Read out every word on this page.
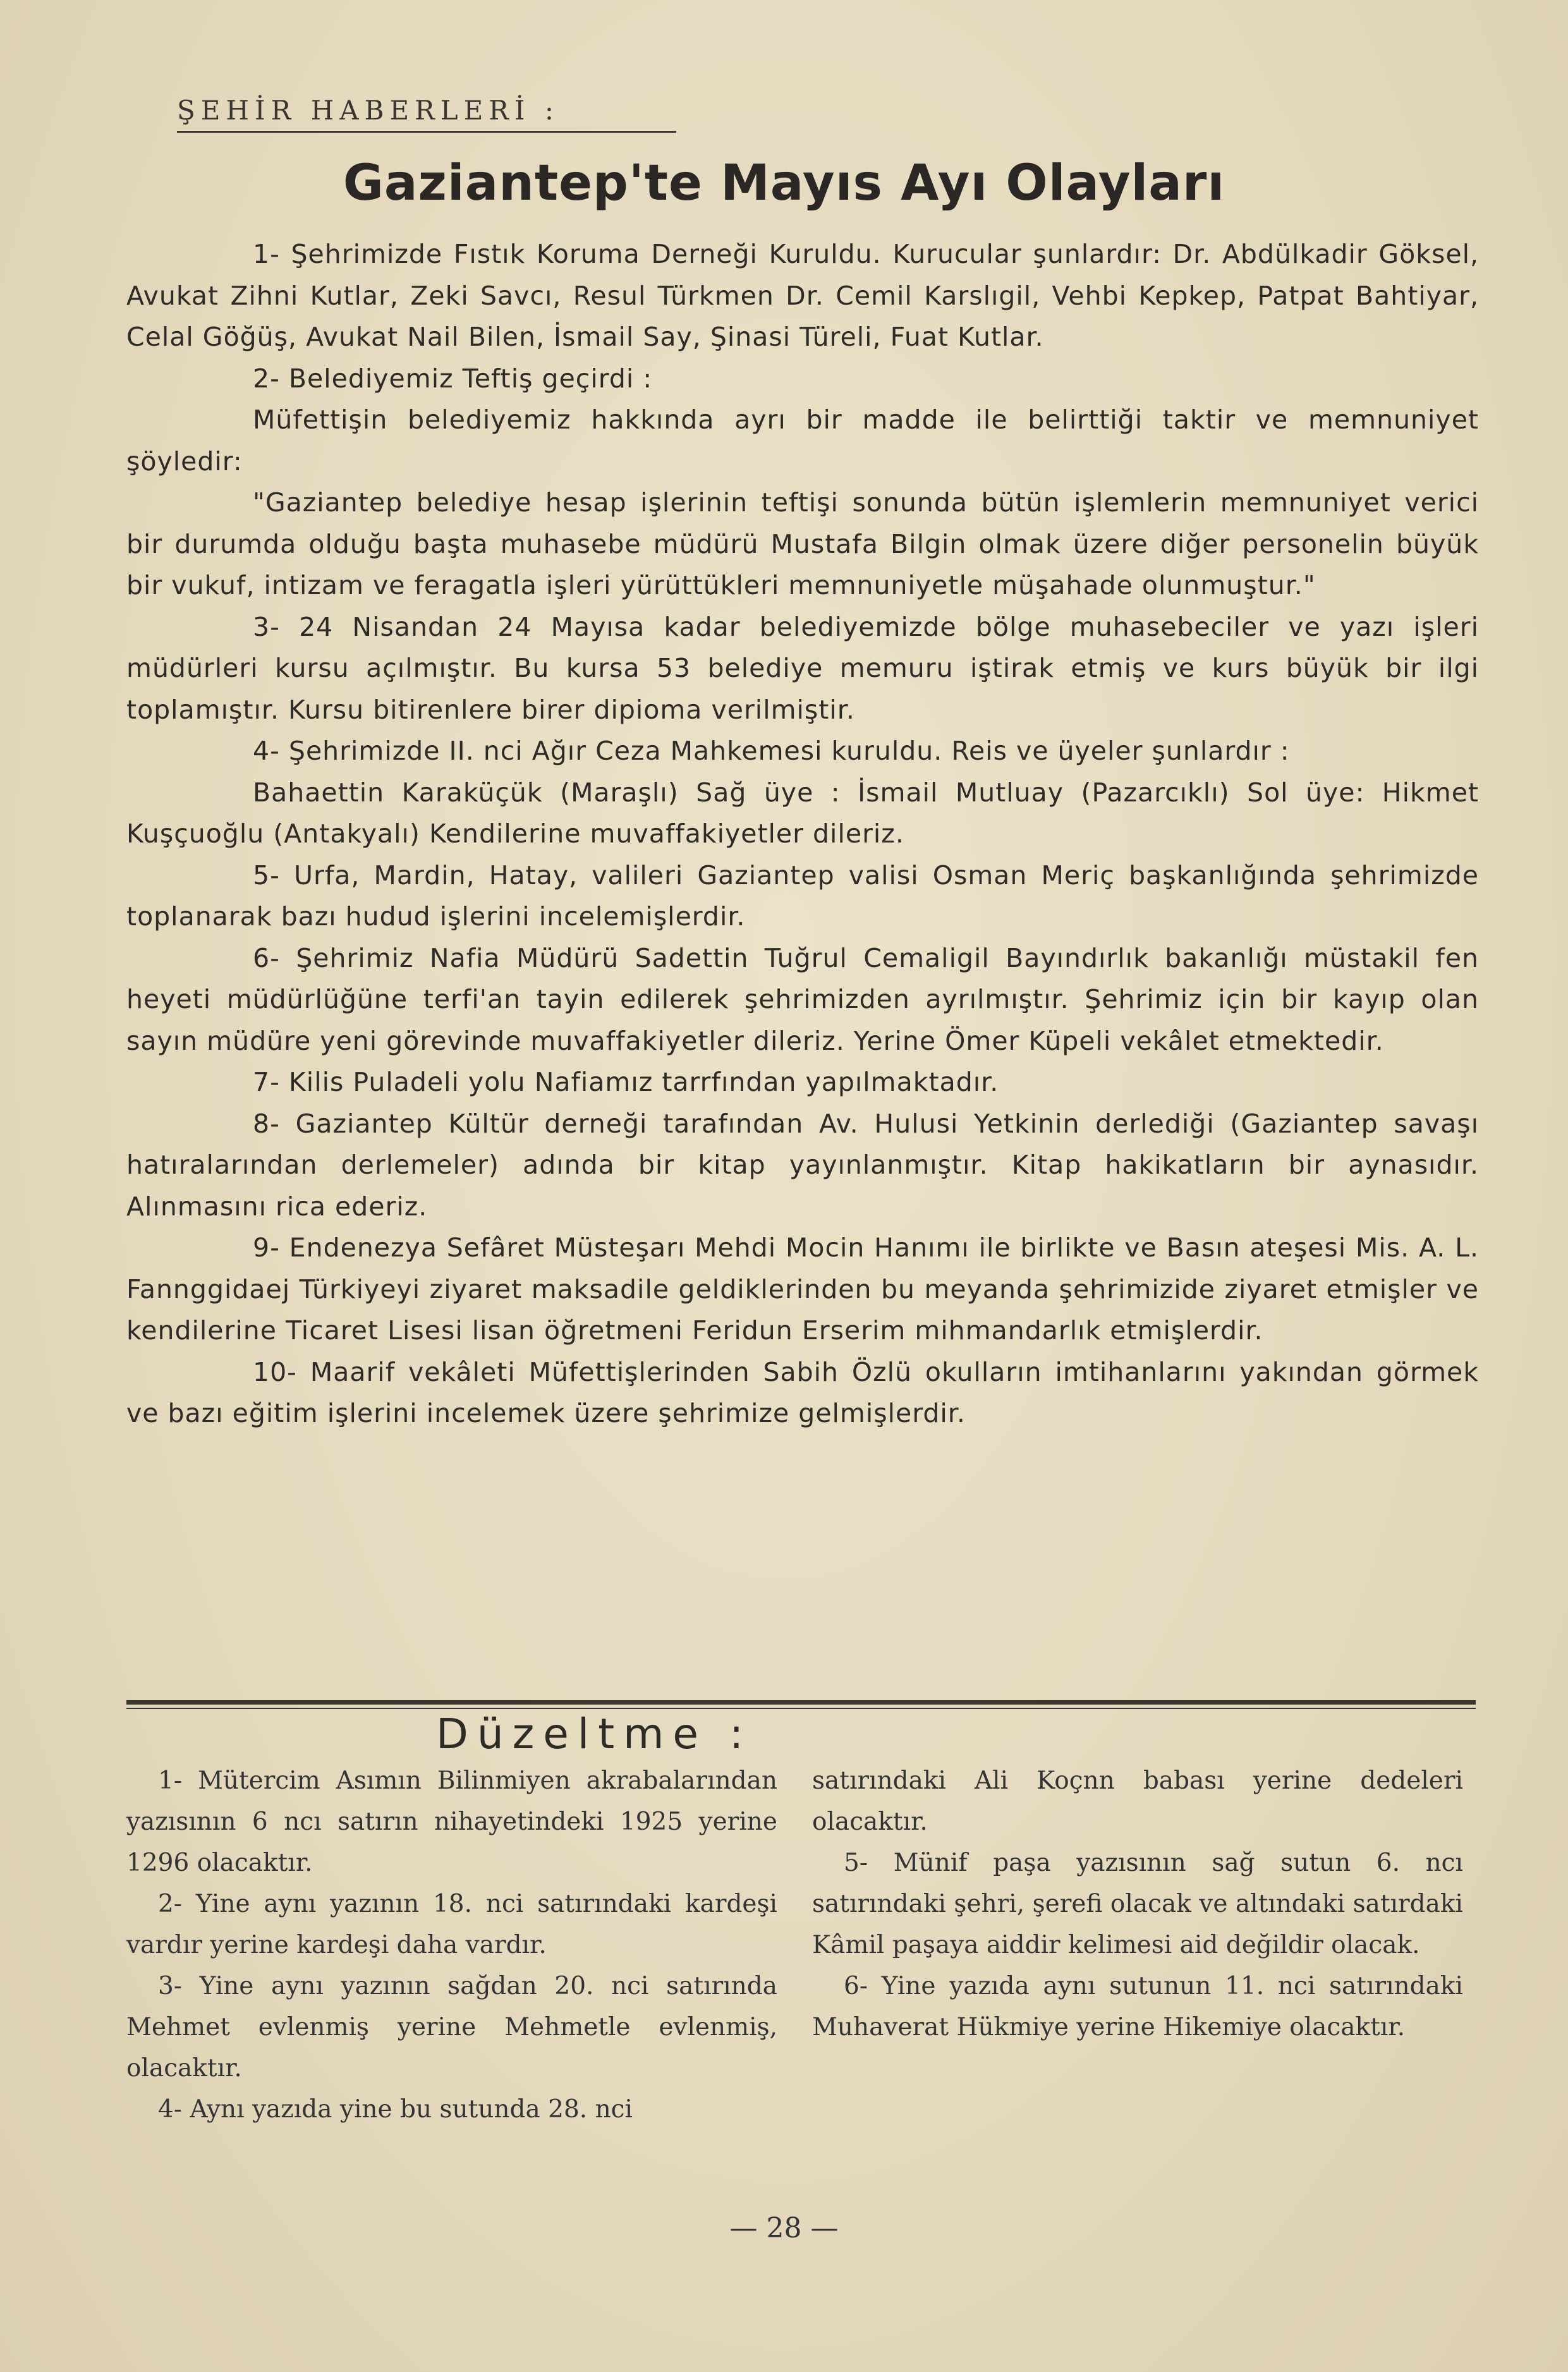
ŞEHİR HABERLERİ :
Gaziantep'te Mayıs Ayı Olayları

1- Şehrimizde Fıstık Koruma Derneği Kuruldu. Kurucular şunlardır: Dr. Abdülkadir Göksel, Avukat Zihni Kutlar, Zeki Savcı, Resul Türkmen Dr. Cemil Karslıgil, Vehbi Kepkep, Patpat Bahtiyar, Celal Göğüş, Avukat Nail Bilen, İsmail Say, Şinasi Türeli, Fuat Kutlar.

2- Belediyemiz Teftiş geçirdi :

Müfettişin belediyemiz hakkında ayrı bir madde ile belirttiği taktir ve memnuniyet şöyledir:

"Gaziantep belediye hesap işlerinin teftişi sonunda bütün işlemlerin memnuniyet verici bir durumda olduğu başta muhasebe müdürü Mustafa Bilgin olmak üzere diğer personelin büyük bir vukuf, intizam ve feragatla işleri yürüttükleri memnuniyetle müşahade olunmuştur."

3- 24 Nisandan 24 Mayısa kadar belediyemizde bölge muhasebeciler ve yazı işleri müdürleri kursu açılmıştır. Bu kursa 53 belediye memuru iştirak etmiş ve kurs büyük bir ilgi toplamıştır. Kursu bitirenlere birer dipioma verilmiştir.

4- Şehrimizde II. nci Ağır Ceza Mahkemesi kuruldu. Reis ve üyeler şunlardır :

Bahaettin Karaküçük (Maraşlı) Sağ üye : İsmail Mutluay (Pazarcıklı) Sol üye: Hikmet Kuşçuoğlu (Antakyalı) Kendilerine muvaffakiyetler dileriz.

5- Urfa, Mardin, Hatay, valileri Gaziantep valisi Osman Meriç başkanlığında şehrimizde toplanarak bazı hudud işlerini incelemişlerdir.

6- Şehrimiz Nafia Müdürü Sadettin Tuğrul Cemaligil Bayındırlık bakanlığı müstakil fen heyeti müdürlüğüne terfi'an tayin edilerek şehrimizden ayrılmıştır. Şehrimiz için bir kayıp olan sayın müdüre yeni görevinde muvaffakiyetler dileriz. Yerine Ömer Küpeli vekâlet etmektedir.

7- Kilis Puladeli yolu Nafiamız tarrfından yapılmaktadır.

8- Gaziantep Kültür derneği tarafından Av. Hulusi Yetkinin derlediği (Gaziantep savaşı hatıralarından derlemeler) adında bir kitap yayınlanmıştır. Kitap hakikatların bir aynasıdır. Alınmasını rica ederiz.

9- Endenezya Sefâret Müsteşarı Mehdi Mocin Hanımı ile birlikte ve Basın ateşesi Mis. A. L. Fannggidaej Türkiyeyi ziyaret maksadile geldiklerinden bu meyanda şehrimizide ziyaret etmişler ve kendilerine Ticaret Lisesi lisan öğretmeni Feridun Erserim mihmandarlık etmişlerdir.

10- Maarif vekâleti Müfettişlerinden Sabih Özlü okulların imtihanlarını yakından görmek ve bazı eğitim işlerini incelemek üzere şehrimize gelmişlerdir.

Düzeltme :

1- Mütercim Asımın Bilinmiyen akrabalarından yazısının 6 ncı satırın nihayetindeki 1925 yerine 1296 olacaktır.

2- Yine aynı yazının 18. nci satırındaki kardeşi vardır yerine kardeşi daha vardır.

3- Yine aynı yazının sağdan 20. nci satırında Mehmet evlenmiş yerine Mehmetle evlenmiş, olacaktır.

4- Aynı yazıda yine bu sutunda 28. nci

satırındaki Ali Koçnn babası yerine dedeleri olacaktır.

5- Münif paşa yazısının sağ sutun 6. ncı satırındaki şehri, şerefi olacak ve altındaki satırdaki Kâmil paşaya aiddir kelimesi aid değildir olacak.

6- Yine yazıda aynı sutunun 11. nci satırındaki Muhaverat Hükmiye yerine Hikemiye olacaktır.

— 28 —
